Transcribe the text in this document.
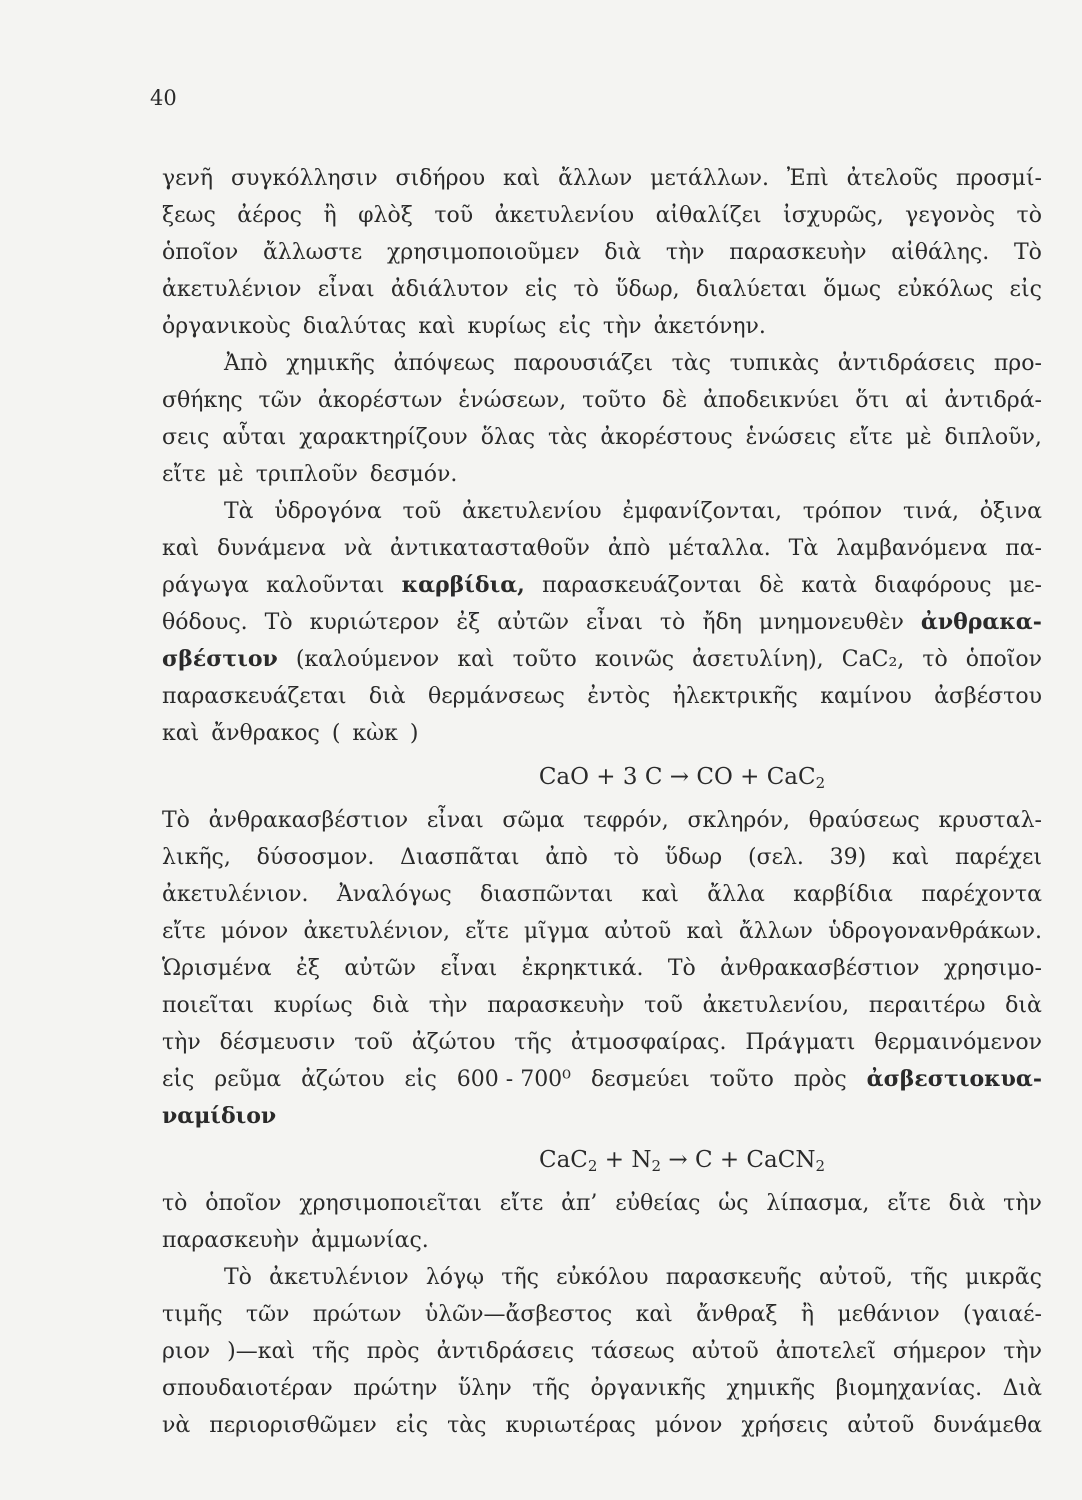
40
γενῆ συγκόλλησιν σιδήρου καὶ ἄλλων μετάλλων. Ἐπὶ ἀτελοῦς προσμί-
ξεως ἀέρος ἢ φλὸξ τοῦ ἀκετυλενίου αἰθαλίζει ἰσχυρῶς, γεγονὸς τὸ
ὁποῖον ἄλλωστε χρησιμοποιοῦμεν διὰ τὴν παρασκευὴν αἰθάλης. Τὸ
ἀκετυλένιον εἶναι ἀδιάλυτον εἰς τὸ ὕδωρ, διαλύεται ὅμως εὐκόλως εἰς
ὀργανικοὺς διαλύτας καὶ κυρίως εἰς τὴν ἀκετόνην.
Ἀπὸ χημικῆς ἀπόψεως παρουσιάζει τὰς τυπικὰς ἀντιδράσεις προ-
σθήκης τῶν ἀκορέστων ἑνώσεων, τοῦτο δὲ ἀποδεικνύει ὅτι αἱ ἀντιδρά-
σεις αὗται χαρακτηρίζουν ὅλας τὰς ἀκορέστους ἑνώσεις εἴτε μὲ διπλοῦν,
εἴτε μὲ τριπλοῦν δεσμόν.
Τὰ ὑδρογόνα τοῦ ἀκετυλενίου ἐμφανίζονται, τρόπον τινά, ὀξινα
καὶ δυνάμενα νὰ ἀντικατασταθοῦν ἀπὸ μέταλλα. Τὰ λαμβανόμενα πα-
ράγωγα καλοῦνται καρβίδια, παρασκευάζονται δὲ κατὰ διαφόρους με-
θόδους. Τὸ κυριώτερον ἐξ αὐτῶν εἶναι τὸ ἤδη μνημονευθὲν ἀνθρακα-
σβέστιον (καλούμενον καὶ τοῦτο κοινῶς ἀσετυλίνη), CaC₂, τὸ ὁποῖον
παρασκευάζεται διὰ θερμάνσεως ἐντὸς ἠλεκτρικῆς καμίνου ἀσβέστου
καὶ ἄνθρακος ( κὼκ )
CaO + 3 C → CO + CaC$_2$
Τὸ ἀνθρακασβέστιον εἶναι σῶμα τεφρόν, σκληρόν, θραύσεως κρυσταλ-
λικῆς, δύσοσμον. Διασπᾶται ἀπὸ τὸ ὕδωρ (σελ. 39) καὶ παρέχει
ἀκετυλένιον. Ἀναλόγως διασπῶνται καὶ ἄλλα καρβίδια παρέχοντα
εἴτε μόνον ἀκετυλένιον, εἴτε μῖγμα αὐτοῦ καὶ ἄλλων ὑδρογονανθράκων.
Ὡρισμένα ἐξ αὐτῶν εἶναι ἐκρηκτικά. Τὸ ἀνθρακασβέστιον χρησιμο-
ποιεῖται κυρίως διὰ τὴν παρασκευὴν τοῦ ἀκετυλενίου, περαιτέρω διὰ
τὴν δέσμευσιν τοῦ ἀζώτου τῆς ἀτμοσφαίρας. Πράγματι θερμαινόμενον
εἰς ρεῦμα ἀζώτου εἰς 600 - 700⁰ δεσμεύει τοῦτο πρὸς ἀσβεστιοκυα-
ναμίδιον
$CaC_2 + N_2 \to C$ + CaCN$_2$
τὸ ὁποῖον χρησιμοποιεῖται εἴτε ἀπ’ εὐθείας ὡς λίπασμα, εἴτε διὰ τὴν
παρασκευὴν ἀμμωνίας.
Τὸ ἀκετυλένιον λόγῳ τῆς εὐκόλου παρασκευῆς αὐτοῦ, τῆς μικρᾶς
τιμῆς τῶν πρώτων ὑλῶν—ἄσβεστος καὶ ἄνθραξ ἢ μεθάνιον (γαιαέ-
ριον )—καὶ τῆς πρὸς ἀντιδράσεις τάσεως αὐτοῦ ἀποτελεῖ σήμερον τὴν
σπουδαιοτέραν πρώτην ὕλην τῆς ὀργανικῆς χημικῆς βιομηχανίας. Διὰ
νὰ περιορισθῶμεν εἰς τὰς κυριωτέρας μόνον χρήσεις αὐτοῦ δυνάμεθα
